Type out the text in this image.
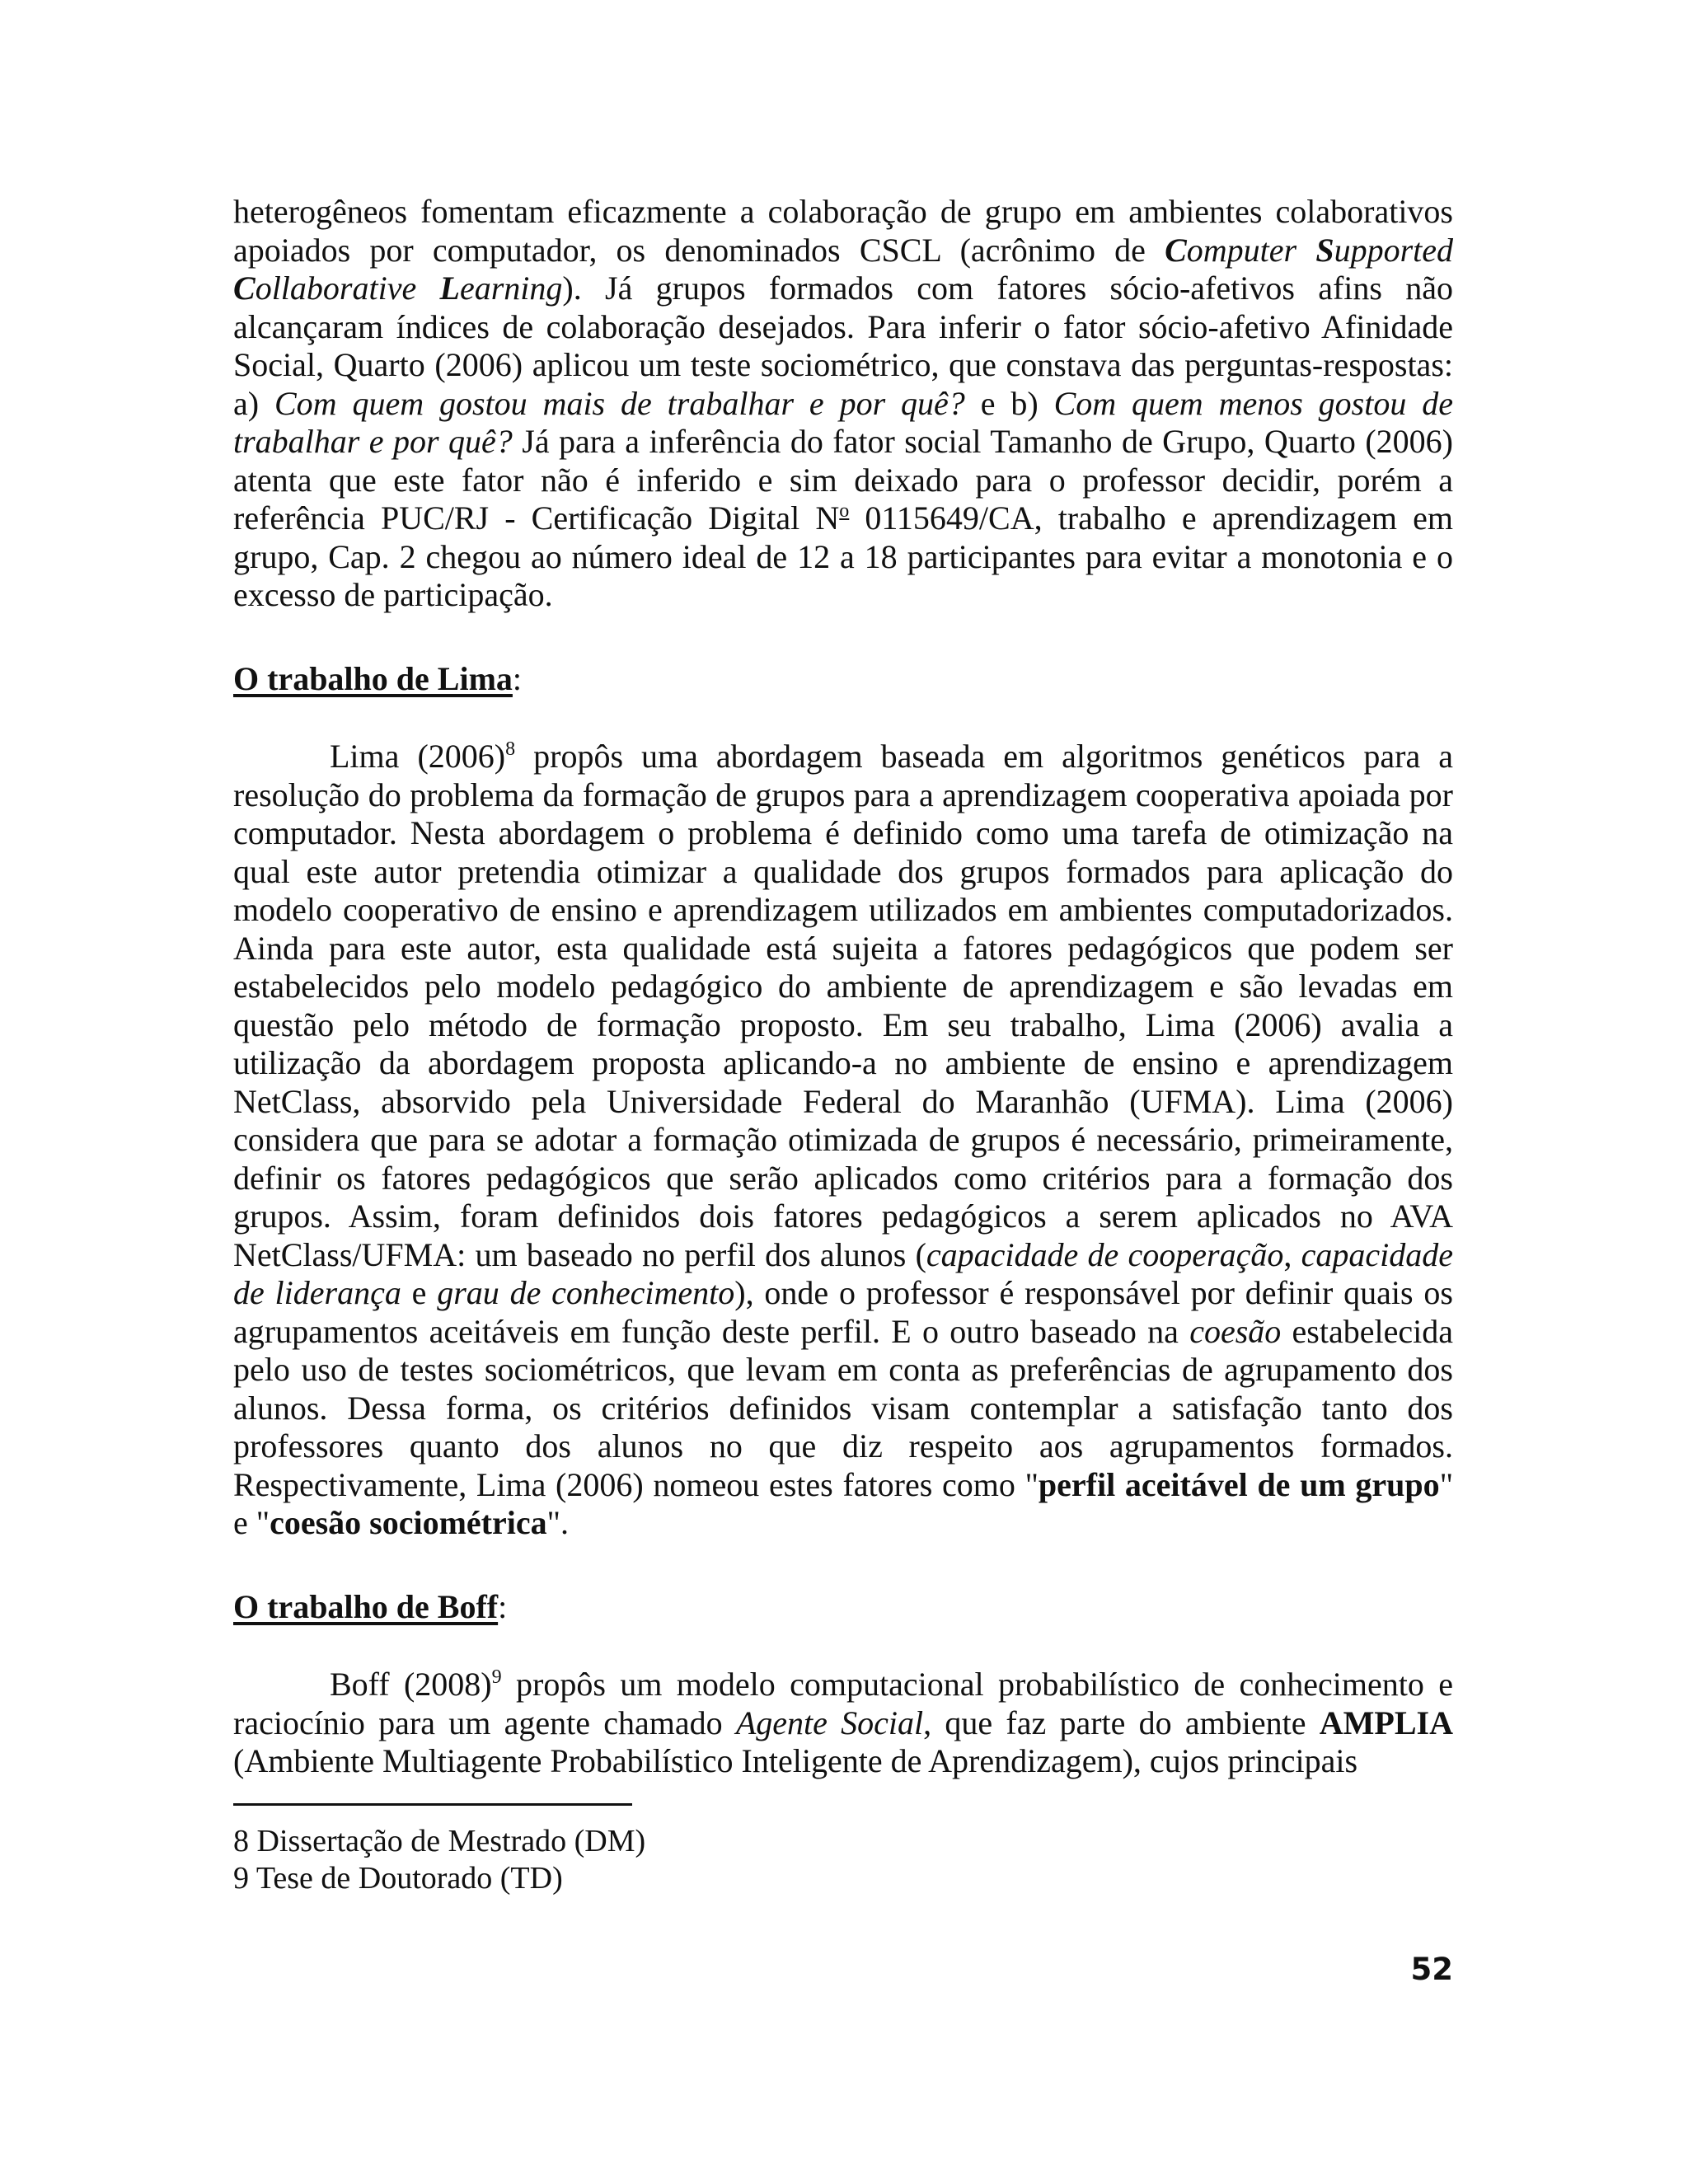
heterogêneos fomentam eficazmente a colaboração de grupo em ambientes colaborativos apoiados por computador, os denominados CSCL (acrônimo de Computer Supported Collaborative Learning). Já grupos formados com fatores sócio-afetivos afins não alcançaram índices de colaboração desejados. Para inferir o fator sócio-afetivo Afinidade Social, Quarto (2006) aplicou um teste sociométrico, que constava das perguntas-respostas: a) Com quem gostou mais de trabalhar e por quê? e b) Com quem menos gostou de trabalhar e por quê? Já para a inferência do fator social Tamanho de Grupo, Quarto (2006) atenta que este fator não é inferido e sim deixado para o professor decidir, porém a referência PUC/RJ - Certificação Digital $N^o$ 0115649/CA, trabalho e aprendizagem em grupo, Cap. 2 chegou ao número ideal de 12 a 18 participantes para evitar a monotonia e o excesso de participação.

O trabalho de Lima:

Lima $(2006)^8$ propôs uma abordagem baseada em algoritmos genéticos para a resolução do problema da formação de grupos para a aprendizagem cooperativa apoiada por computador. Nesta abordagem o problema é definido como uma tarefa de otimização na qual este autor pretendia otimizar a qualidade dos grupos formados para aplicação do modelo cooperativo de ensino e aprendizagem utilizados em ambientes computadorizados. Ainda para este autor, esta qualidade está sujeita a fatores pedagógicos que podem ser estabelecidos pelo modelo pedagógico do ambiente de aprendizagem e são levadas em questão pelo método de formação proposto. Em seu trabalho, Lima (2006) avalia a utilização da abordagem proposta aplicando-a no ambiente de ensino e aprendizagem NetClass, absorvido pela Universidade Federal do Maranhão (UFMA). Lima (2006) considera que para se adotar a formação otimizada de grupos é necessário, primeiramente, definir os fatores pedagógicos que serão aplicados como critérios para a formação dos grupos. Assim, foram definidos dois fatores pedagógicos a serem aplicados no AVA NetClass/UFMA: um baseado no perfil dos alunos (capacidade de cooperação, capacidade de liderança e grau de conhecimento), onde o professor é responsável por definir quais os agrupamentos aceitáveis em função deste perfil. E o outro baseado na coesão estabelecida pelo uso de testes sociométricos, que levam em conta as preferências de agrupamento dos alunos. Dessa forma, os critérios definidos visam contemplar a satisfação tanto dos professores quanto dos alunos no que diz respeito aos agrupamentos formados. Respectivamente, Lima (2006) nomeou estes fatores como "perfil aceitável de um grupo" e "coesão sociométrica".

O trabalho de Boff:

Boff $(2008)^9$ propôs um modelo computacional probabilístico de conhecimento e raciocínio para um agente chamado Agente Social, que faz parte do ambiente AMPLIA (Ambiente Multiagente Probabilístico Inteligente de Aprendizagem), cujos principais

8 Dissertação de Mestrado (DM)
9 Tese de Doutorado (TD)
52
